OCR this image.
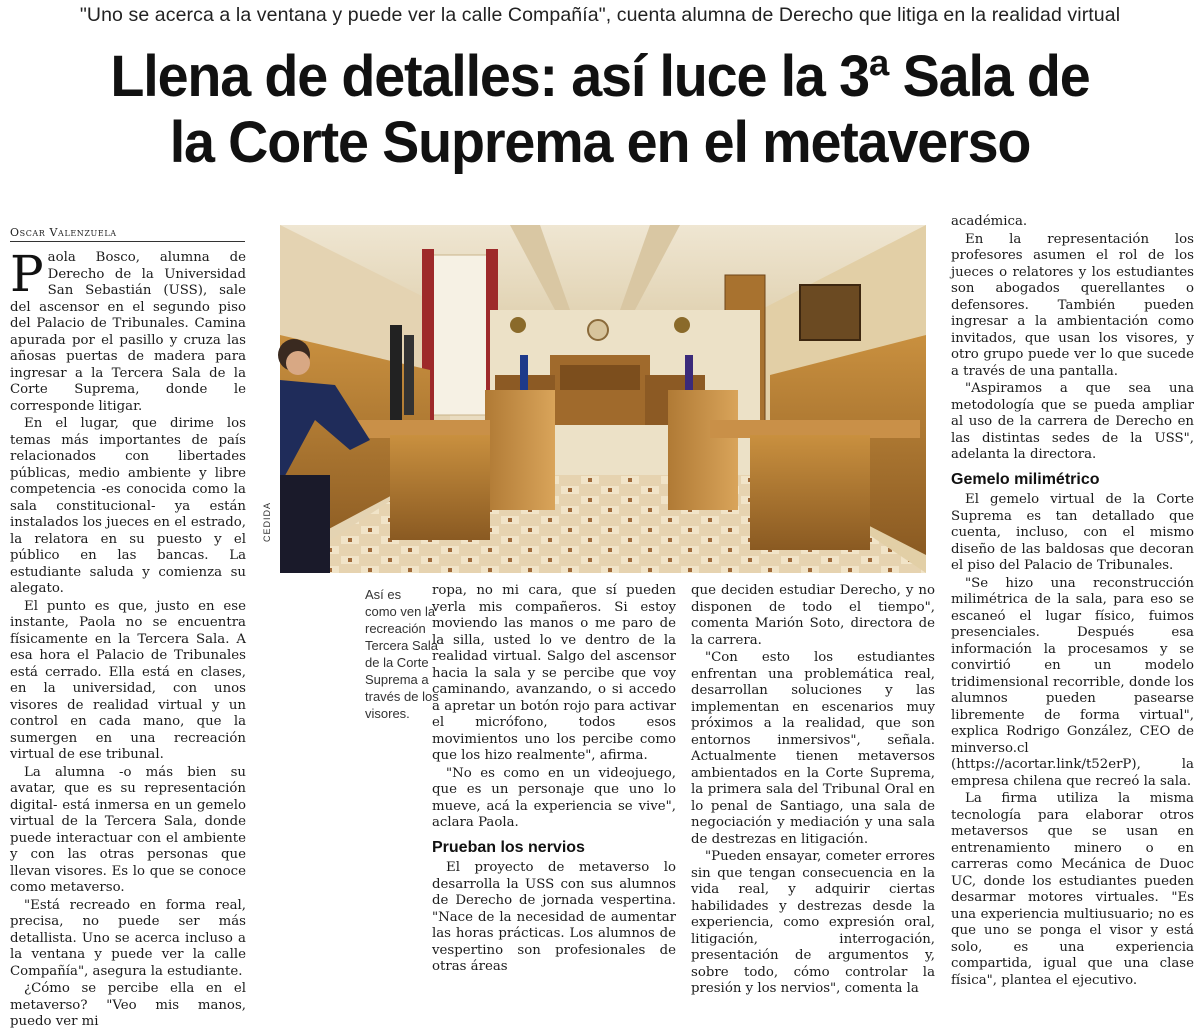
"Uno se acerca a la ventana y puede ver la calle Compañía", cuenta alumna de Derecho que litiga en la realidad virtual
Llena de detalles: así luce la 3ª Sala de
la Corte Suprema en el metaverso
Oscar Valenzuela

Paola Bosco, alumna de Derecho de la Universidad San Sebastián (USS), sale del ascensor en el segundo piso del Palacio de Tribunales. Camina apurada por el pasillo y cruza las añosas puertas de madera para ingresar a la Tercera Sala de la Corte Suprema, donde le corresponde litigar.

En el lugar, que dirime los temas más importantes de país relacionados con libertades públicas, medio ambiente y libre competencia -es conocida como la sala constitucional- ya están instalados los jueces en el estrado, la relatora en su puesto y el público en las bancas. La estudiante saluda y comienza su alegato.

El punto es que, justo en ese instante, Paola no se encuentra físicamente en la Tercera Sala. A esa hora el Palacio de Tribunales está cerrado. Ella está en clases, en la universidad, con unos visores de realidad virtual y un control en cada mano, que la sumergen en una recreación virtual de ese tribunal.

La alumna -o más bien su avatar, que es su representación digital- está inmersa en un gemelo virtual de la Tercera Sala, donde puede interactuar con el ambiente y con las otras personas que llevan visores. Es lo que se conoce como metaverso.

"Está recreado en forma real, precisa, no puede ser más detallista. Uno se acerca incluso a la ventana y puede ver la calle Compañía", asegura la estudiante.

¿Cómo se percibe ella en el metaverso? "Veo mis manos, puedo ver mi

CEDIDA
Así es
como ven la
recreación
Tercera Sala
de la Corte
Suprema a
través de los
visores.

ropa, no mi cara, que sí pueden verla mis compañeros. Si estoy moviendo las manos o me paro de la silla, usted lo ve dentro de la realidad virtual. Salgo del ascensor hacia la sala y se percibe que voy caminando, avanzando, o si accedo a apretar un botón rojo para activar el micrófono, todos esos movimientos uno los percibe como que los hizo realmente", afirma.

"No es como en un videojuego, que es un personaje que uno lo mueve, acá la experiencia se vive", aclara Paola.

Prueban los nervios

El proyecto de metaverso lo desarrolla la USS con sus alumnos de Derecho de jornada vespertina. "Nace de la necesidad de aumentar las horas prácticas. Los alumnos de vespertino son profesionales de otras áreas

que deciden estudiar Derecho, y no disponen de todo el tiempo", comenta Marión Soto, directora de la carrera.

"Con esto los estudiantes enfrentan una problemática real, desarrollan soluciones y las implementan en escenarios muy próximos a la realidad, que son entornos inmersivos", señala. Actualmente tienen metaversos ambientados en la Corte Suprema, la primera sala del Tribunal Oral en lo penal de Santiago, una sala de negociación y mediación y una sala de destrezas en litigación.

"Pueden ensayar, cometer errores sin que tengan consecuencia en la vida real, y adquirir ciertas habilidades y destrezas desde la experiencia, como expresión oral, litigación, interrogación, presentación de argumentos y, sobre todo, cómo controlar la presión y los nervios", comenta la

académica.

En la representación los profesores asumen el rol de los jueces o relatores y los estudiantes son abogados querellantes o defensores. También pueden ingresar a la ambientación como invitados, que usan los visores, y otro grupo puede ver lo que sucede a través de una pantalla.

"Aspiramos a que sea una metodología que se pueda ampliar al uso de la carrera de Derecho en las distintas sedes de la USS", adelanta la directora.

Gemelo milimétrico

El gemelo virtual de la Corte Suprema es tan detallado que cuenta, incluso, con el mismo diseño de las baldosas que decoran el piso del Palacio de Tribunales.

"Se hizo una reconstrucción milimétrica de la sala, para eso se escaneó el lugar físico, fuimos presenciales. Después esa información la procesamos y se convirtió en un modelo tridimensional recorrible, donde los alumnos pueden pasearse libremente de forma virtual", explica Rodrigo González, CEO de minverso.cl (https://acortar.link/t52erP), la empresa chilena que recreó la sala.

La firma utiliza la misma tecnología para elaborar otros metaversos que se usan en entrenamiento minero o en carreras como Mecánica de Duoc UC, donde los estudiantes pueden desarmar motores virtuales. "Es una experiencia multiusuario; no es que uno se ponga el visor y está solo, es una experiencia compartida, igual que una clase física", plantea el ejecutivo.
